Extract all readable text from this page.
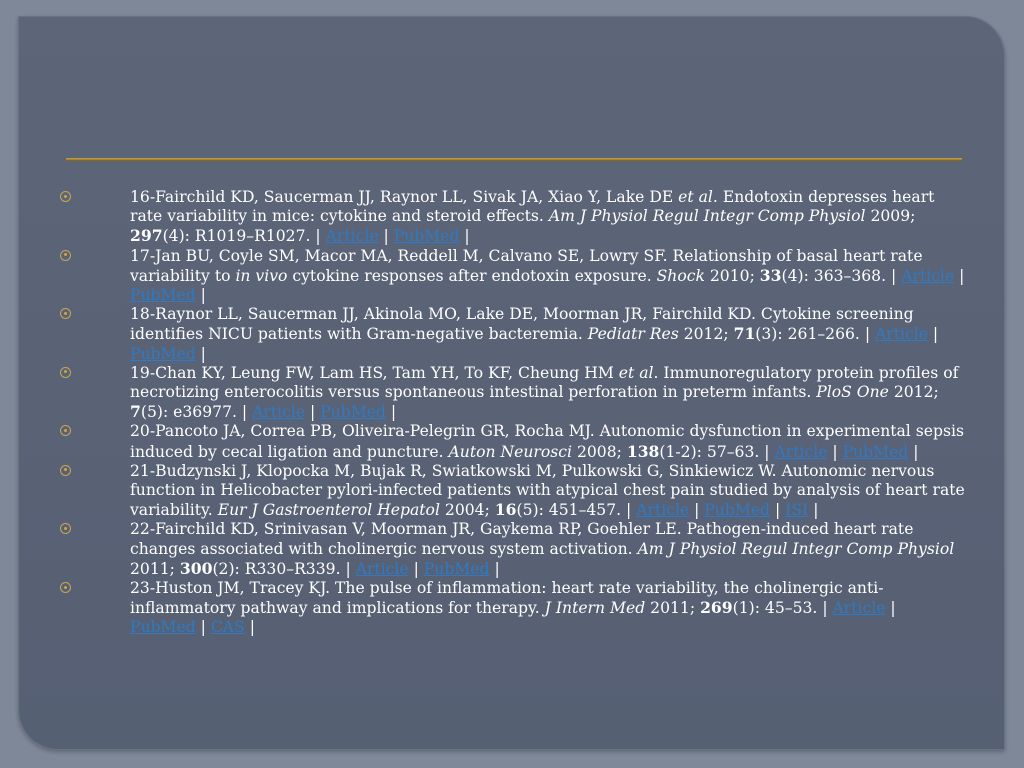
16-Fairchild KD, Saucerman JJ, Raynor LL, Sivak JA, Xiao Y, Lake DE et al. Endotoxin depresses heart rate variability in mice: cytokine and steroid effects. Am J Physiol Regul Integr Comp Physiol 2009; 297(4): R1019–R1027. | Article | PubMed |
17-Jan BU, Coyle SM, Macor MA, Reddell M, Calvano SE, Lowry SF. Relationship of basal heart rate variability to in vivo cytokine responses after endotoxin exposure. Shock 2010; 33(4): 363–368. | Article | PubMed |
18-Raynor LL, Saucerman JJ, Akinola MO, Lake DE, Moorman JR, Fairchild KD. Cytokine screening identifies NICU patients with Gram-negative bacteremia. Pediatr Res 2012; 71(3): 261–266. | Article | PubMed |
19-Chan KY, Leung FW, Lam HS, Tam YH, To KF, Cheung HM et al. Immunoregulatory protein profiles of necrotizing enterocolitis versus spontaneous intestinal perforation in preterm infants. PloS One 2012; 7(5): e36977. | Article | PubMed |
20-Pancoto JA, Correa PB, Oliveira-Pelegrin GR, Rocha MJ. Autonomic dysfunction in experimental sepsis induced by cecal ligation and puncture. Auton Neurosci 2008; 138(1-2): 57–63. | Article | PubMed |
21-Budzynski J, Klopocka M, Bujak R, Swiatkowski M, Pulkowski G, Sinkiewicz W. Autonomic nervous function in Helicobacter pylori-infected patients with atypical chest pain studied by analysis of heart rate variability. Eur J Gastroenterol Hepatol 2004; 16(5): 451–457. | Article | PubMed | ISI |
22-Fairchild KD, Srinivasan V, Moorman JR, Gaykema RP, Goehler LE. Pathogen-induced heart rate changes associated with cholinergic nervous system activation. Am J Physiol Regul Integr Comp Physiol 2011; 300(2): R330–R339. | Article | PubMed |
23-Huston JM, Tracey KJ. The pulse of inflammation: heart rate variability, the cholinergic anti-inflammatory pathway and implications for therapy. J Intern Med 2011; 269(1): 45–53. | Article | PubMed | CAS |
